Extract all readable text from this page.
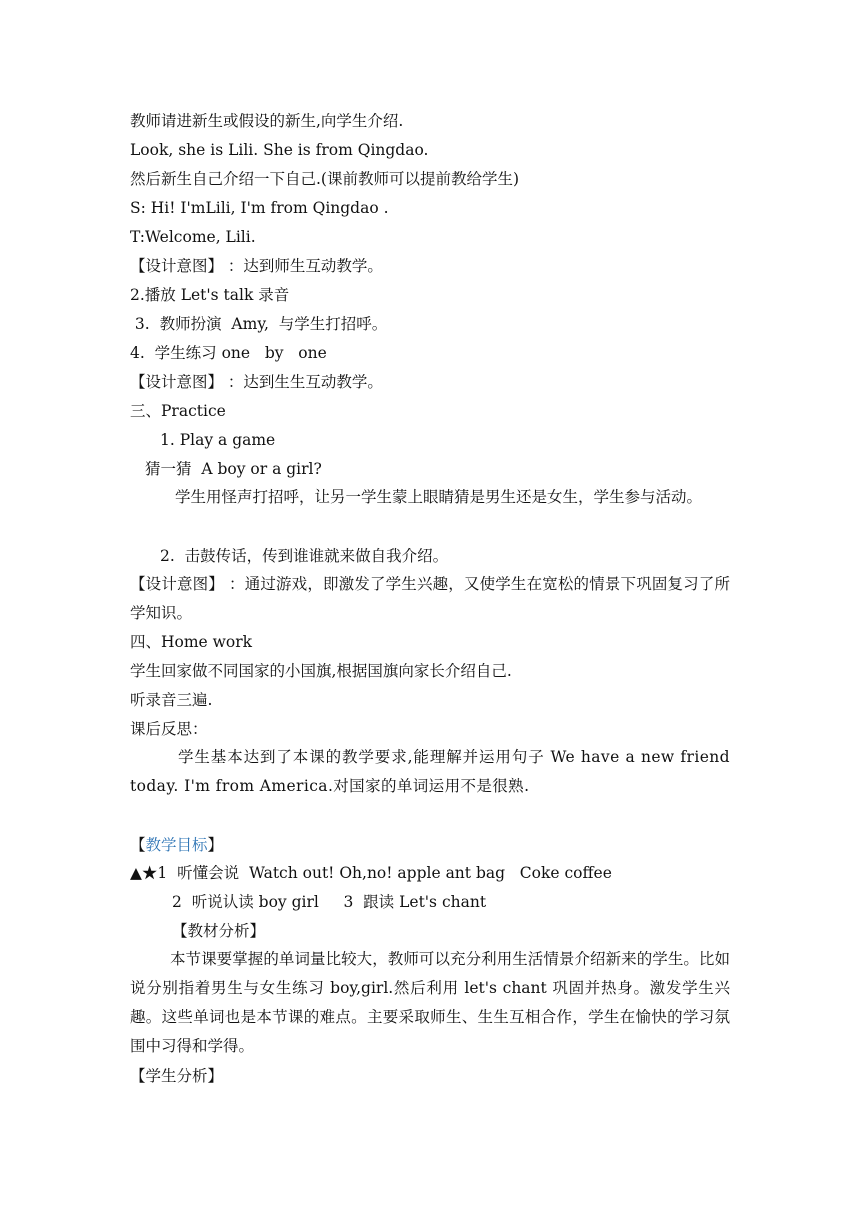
教师请进新生或假设的新生,向学生介绍.
Look, she is Lili. She is from Qingdao.
然后新生自己介绍一下自己.(课前教师可以提前教给学生)
S: Hi! I'mLili, I'm from Qingdao .
T:Welcome, Lili.
【设计意图】 ：达到师生互动教学。
2.播放 Let's talk 录音
3.  教师扮演  Amy,  与学生打招呼。
4.  学生练习 one   by   one
【设计意图】 ：达到生生互动教学。
三、Practice
1. Play a game
猜一猜  A boy or a girl?
学生用怪声打招呼，让另一学生蒙上眼睛猜是男生还是女生，学生参与活动。
2.  击鼓传话，传到谁谁就来做自我介绍。
【设计意图】 ：通过游戏，即激发了学生兴趣，又使学生在宽松的情景下巩固复习了所学知识。
四、Home work
学生回家做不同国家的小国旗,根据国旗向家长介绍自己.
听录音三遍.
课后反思：
学生基本达到了本课的教学要求,能理解并运用句子 We have a new friend today. I'm from America.对国家的单词运用不是很熟.
【教学目标】
▲★1  听懂会说  Watch out! Oh,no! apple ant bag   Coke coffee
2  听说认读 boy girl     3  跟读 Let's chant
【教材分析】
本节课要掌握的单词量比较大，教师可以充分利用生活情景介绍新来的学生。比如说分别指着男生与女生练习 boy,girl.然后利用 let's chant 巩固并热身。激发学生兴趣。这些单词也是本节课的难点。主要采取师生、生生互相合作，学生在愉快的学习氛围中习得和学得。
【学生分析】
